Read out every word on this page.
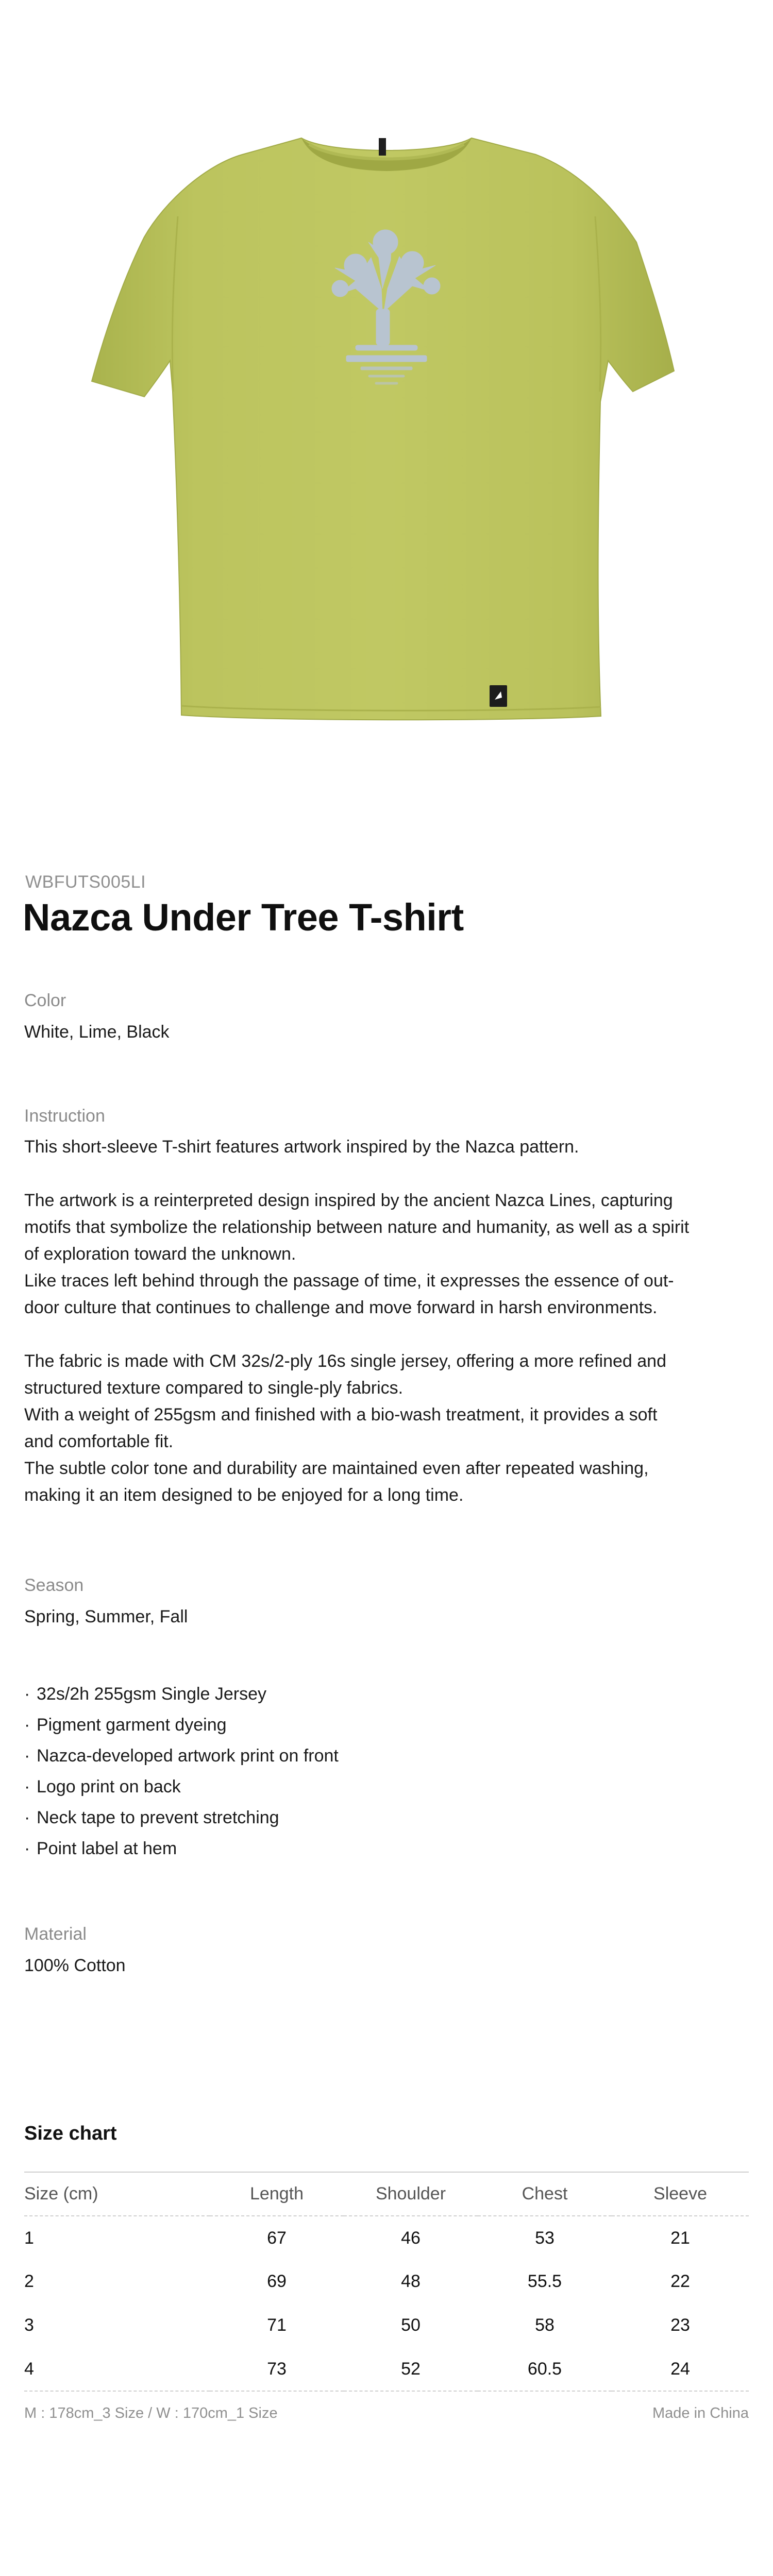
WBFUTS005LI
Nazca Under Tree T-shirt
Color
White, Lime, Black
Instruction
This short-sleeve T-shirt features artwork inspired by the Nazca pattern.
The artwork is a reinterpreted design inspired by the ancient Nazca Lines, capturing
motifs that symbolize the relationship between nature and humanity, as well as a spirit
of exploration toward the unknown.
Like traces left behind through the passage of time, it expresses the essence of out-
door culture that continues to challenge and move forward in harsh environments.
The fabric is made with CM 32s/2-ply 16s single jersey, offering a more refined and
structured texture compared to single-ply fabrics.
With a weight of 255gsm and finished with a bio-wash treatment, it provides a soft
and comfortable fit.
The subtle color tone and durability are maintained even after repeated washing,
making it an item designed to be enjoyed for a long time.
Season
Spring, Summer, Fall
· 32s/2h 255gsm Single Jersey
· Pigment garment dyeing
· Nazca-developed artwork print on front
· Logo print on back
· Neck tape to prevent stretching
· Point label at hem
Material
100% Cotton
Size chart
Size (cm)	Length	Shoulder	Chest	Sleeve
1	67	46	53	21
2	69	48	55.5	22
3	71	50	58	23
4	73	52	60.5	24
M : 178cm_3 Size / W : 170cm_1 Size	Made in China
